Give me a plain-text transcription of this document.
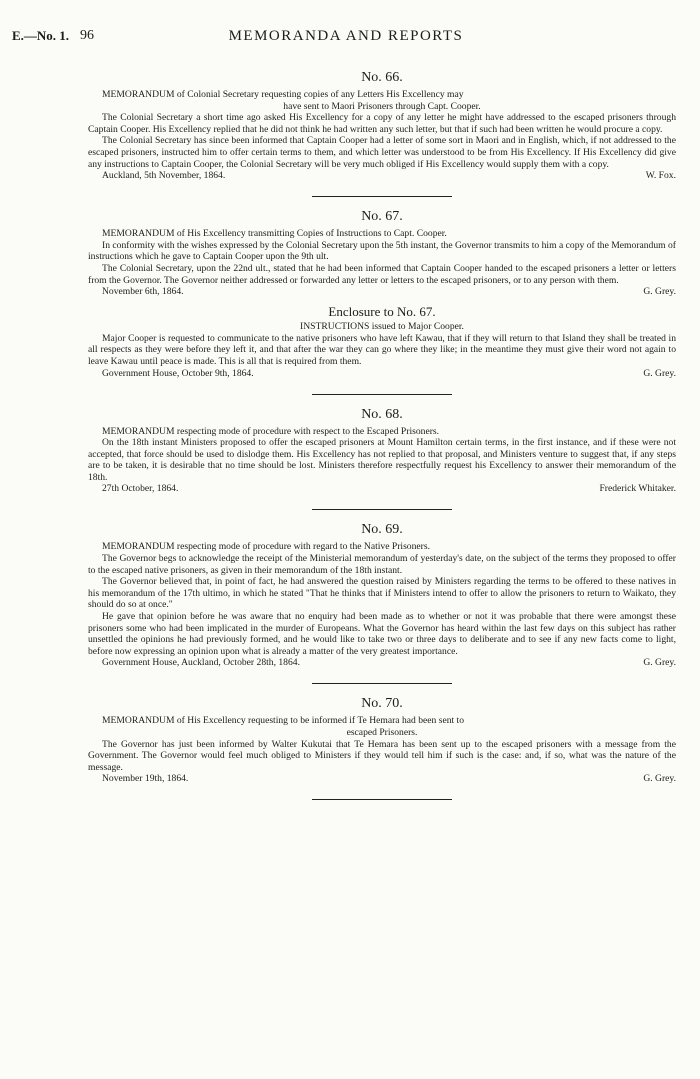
E.—No. 1. 96	MEMORANDA AND REPORTS
No. 66.

MEMORANDUM of Colonial Secretary requesting copies of any Letters His Excellency may

have sent to Maori Prisoners through Capt. Cooper.

The Colonial Secretary a short time ago asked His Excellency for a copy of any letter he might have addressed to the escaped prisoners through Captain Cooper. His Excellency replied that he did not think he had written any such letter, but that if such had been written he would procure a copy.

The Colonial Secretary has since been informed that Captain Cooper had a letter of some sort in Maori and in English, which, if not addressed to the escaped prisoners, instructed him to offer certain terms to them, and which letter was understood to be from His Excellency. If His Excellency did give any instructions to Captain Cooper, the Colonial Secretary will be very much obliged if His Excellency would supply them with a copy.

Auckland, 5th November, 1864.	W. Fox.
No. 67.

MEMORANDUM of His Excellency transmitting Copies of Instructions to Capt. Cooper.

In conformity with the wishes expressed by the Colonial Secretary upon the 5th instant, the Governor transmits to him a copy of the Memorandum of instructions which he gave to Captain Cooper upon the 9th ult.

The Colonial Secretary, upon the 22nd ult., stated that he had been informed that Captain Cooper handed to the escaped prisoners a letter or letters from the Governor. The Governor neither addressed or forwarded any letter or letters to the escaped prisoners, or to any person with them.

November 6th, 1864.	G. Grey.
Enclosure to No. 67.

INSTRUCTIONS issued to Major Cooper.

Major Cooper is requested to communicate to the native prisoners who have left Kawau, that if they will return to that Island they shall be treated in all respects as they were before they left it, and that after the war they can go where they like; in the meantime they must give their word not again to leave Kawau until peace is made. This is all that is required from them.

Government House, October 9th, 1864.	G. Grey.
No. 68.

MEMORANDUM respecting mode of procedure with respect to the Escaped Prisoners.

On the 18th instant Ministers proposed to offer the escaped prisoners at Mount Hamilton certain terms, in the first instance, and if these were not accepted, that force should be used to dislodge them. His Excellency has not replied to that proposal, and Ministers venture to suggest that, if any steps are to be taken, it is desirable that no time should be lost. Ministers therefore respectfully request his Excellency to answer their memorandum of the 18th.

27th October, 1864.	Frederick Whitaker.
No. 69.

MEMORANDUM respecting mode of procedure with regard to the Native Prisoners.

The Governor begs to acknowledge the receipt of the Ministerial memorandum of yesterday's date, on the subject of the terms they proposed to offer to the escaped native prisoners, as given in their memorandum of the 18th instant.

The Governor believed that, in point of fact, he had answered the question raised by Ministers regarding the terms to be offered to these natives in his memorandum of the 17th ultimo, in which he stated "That he thinks that if Ministers intend to offer to allow the prisoners to return to Waikato, they should do so at once."

He gave that opinion before he was aware that no enquiry had been made as to whether or not it was probable that there were amongst these prisoners some who had been implicated in the murder of Europeans. What the Governor has heard within the last few days on this subject has rather unsettled the opinions he had previously formed, and he would like to take two or three days to deliberate and to see if any new facts come to light, before now expressing an opinion upon what is already a matter of the very greatest importance.

Government House, Auckland, October 28th, 1864.	G. Grey.
No. 70.

MEMORANDUM of His Excellency requesting to be informed if Te Hemara had been sent to

escaped Prisoners.

The Governor has just been informed by Walter Kukutai that Te Hemara has been sent up to the escaped prisoners with a message from the Government. The Governor would feel much obliged to Ministers if they would tell him if such is the case: and, if so, what was the nature of the message.

November 19th, 1864.	G. Grey.
